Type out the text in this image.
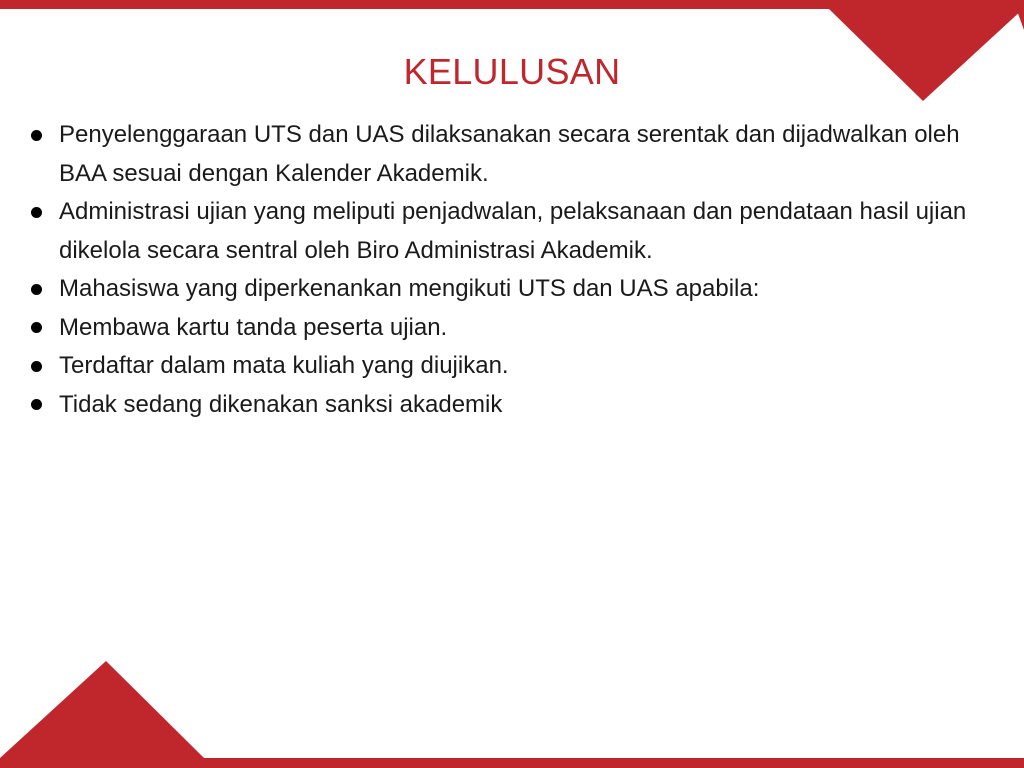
KELULUSAN
Penyelenggaraan UTS dan UAS dilaksanakan secara serentak dan dijadwalkan oleh BAA sesuai dengan Kalender Akademik.
Administrasi ujian yang meliputi penjadwalan, pelaksanaan dan pendataan hasil ujian dikelola secara sentral oleh Biro Administrasi Akademik.
Mahasiswa yang diperkenankan mengikuti UTS dan UAS apabila:
Membawa kartu tanda peserta ujian.
Terdaftar dalam mata kuliah yang diujikan.
Tidak sedang dikenakan sanksi akademik
